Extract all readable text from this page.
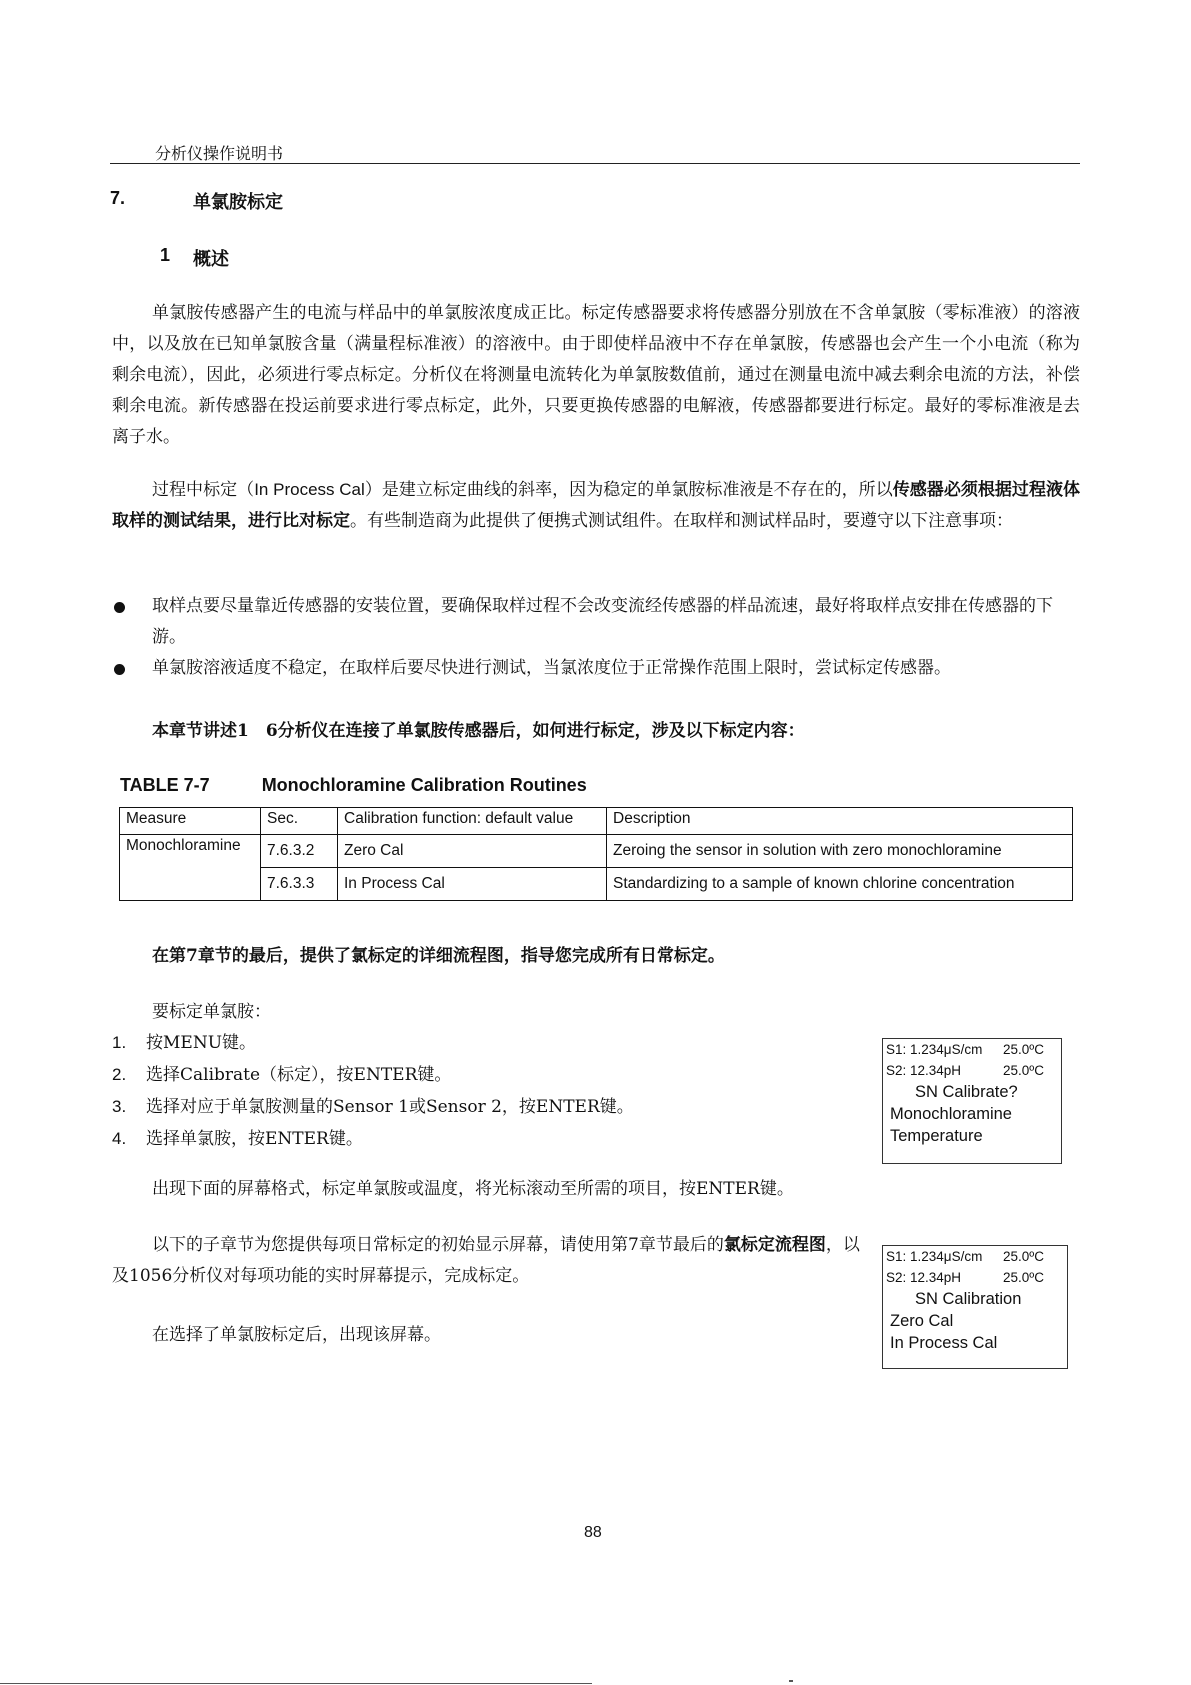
分析仪操作说明书
7.	单氯胺标定
1 概述
单氯胺传感器产生的电流与样品中的单氯胺浓度成正比。标定传感器要求将传感器分别放在不含单氯胺（零标准液）的溶液中，以及放在已知单氯胺含量（满量程标准液）的溶液中。由于即使样品液中不存在单氯胺，传感器也会产生一个小电流（称为剩余电流），因此，必须进行零点标定。分析仪在将测量电流转化为单氯胺数值前，通过在测量电流中减去剩余电流的方法，补偿剩余电流。新传感器在投运前要求进行零点标定，此外，只要更换传感器的电解液，传感器都要进行标定。最好的零标准液是去离子水。
过程中标定（In Process Cal）是建立标定曲线的斜率，因为稳定的单氯胺标准液是不存在的，所以传感器必须根据过程液体取样的测试结果，进行比对标定。有些制造商为此提供了便携式测试组件。在取样和测试样品时，要遵守以下注意事项：
取样点要尽量靠近传感器的安装位置，要确保取样过程不会改变流经传感器的样品流速，最好将取样点安排在传感器的下游。
单氯胺溶液适度不稳定，在取样后要尽快进行测试，当氯浓度位于正常操作范围上限时，尝试标定传感器。
本章节讲述1　6分析仪在连接了单氯胺传感器后，如何进行标定，涉及以下标定内容：
TABLE 7-7	Monochloramine Calibration Routines
Measure	Sec.	Calibration function: default value	Description
Monochloramine	7.6.3.2	Zero Cal	Zeroing the sensor in solution with zero monochloramine
	7.6.3.3	In Process Cal	Standardizing to a sample of known chlorine concentration
在第7章节的最后，提供了氯标定的详细流程图，指导您完成所有日常标定。
要标定单氯胺：
1. 按MENU键。
2. 选择Calibrate（标定），按ENTER键。
3. 选择对应于单氯胺测量的Sensor 1或Sensor 2，按ENTER键。
4. 选择单氯胺，按ENTER键。
S1: 1.234μS/cm 25.0ºC
S2: 12.34pH	25.0ºC
SN Calibrate?
Monochloramine
Temperature
出现下面的屏幕格式，标定单氯胺或温度，将光标滚动至所需的项目，按ENTER键。
以下的子章节为您提供每项日常标定的初始显示屏幕，请使用第7章节最后的氯标定流程图，以及1056分析仪对每项功能的实时屏幕提示，完成标定。
S1: 1.234μS/cm 25.0ºC
S2: 12.34pH	25.0ºC
SN Calibration
Zero Cal
In Process Cal
在选择了单氯胺标定后，出现该屏幕。
88
